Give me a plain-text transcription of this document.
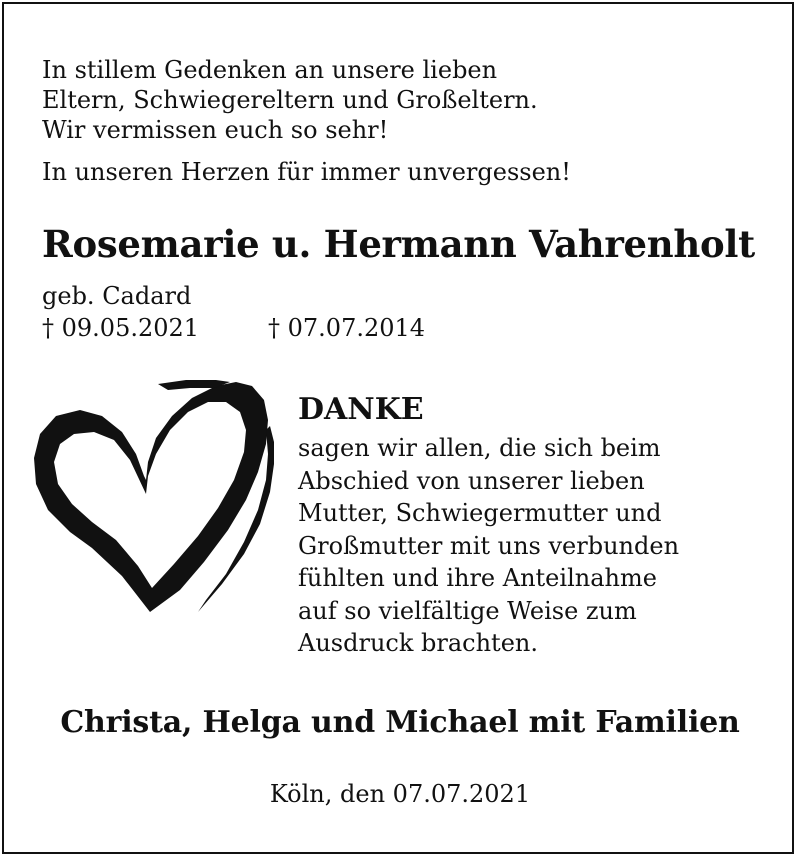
In stillem Gedenken an unsere lieben
Eltern, Schwiegereltern und Großeltern.
Wir vermissen euch so sehr!
In unseren Herzen für immer unvergessen!
Rosemarie u. Hermann Vahrenholt
geb. Cadard
† 09.05.2021	† 07.07.2014
DANKE
sagen wir allen, die sich beim
Abschied von unserer lieben
Mutter, Schwiegermutter und
Großmutter mit uns verbunden
fühlten und ihre Anteilnahme
auf so vielfältige Weise zum
Ausdruck brachten.
Christa, Helga und Michael mit Familien
Köln, den 07.07.2021
